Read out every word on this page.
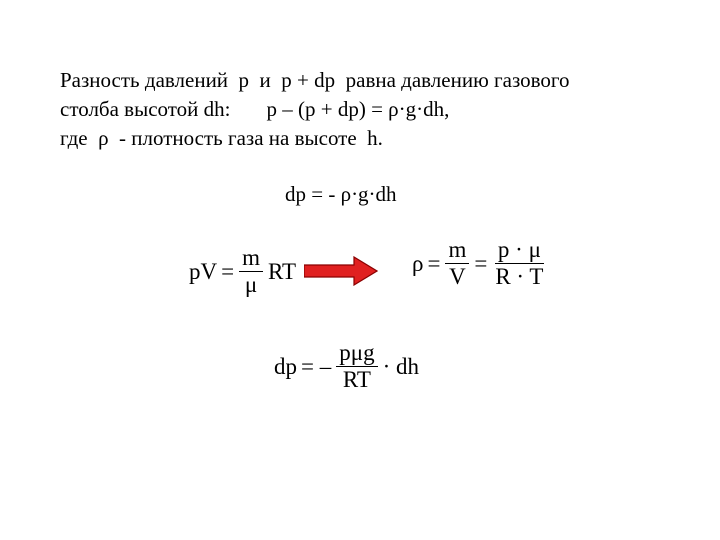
Разность давлений  p  и  p + dp  равна давлению газового
столба высотой dh: p – (p + dp) = ρ·g·dh,
где  ρ  - плотность газа на высоте  h.
dp = - ρ·g·dh
pV = $\frac{m}{\mu}$ RT	$\rho = \frac{m}{V} = \frac{p \cdot \mu}{R \cdot T}$
dp = – $\frac{\text{pμg}}{RT}$ · dh
